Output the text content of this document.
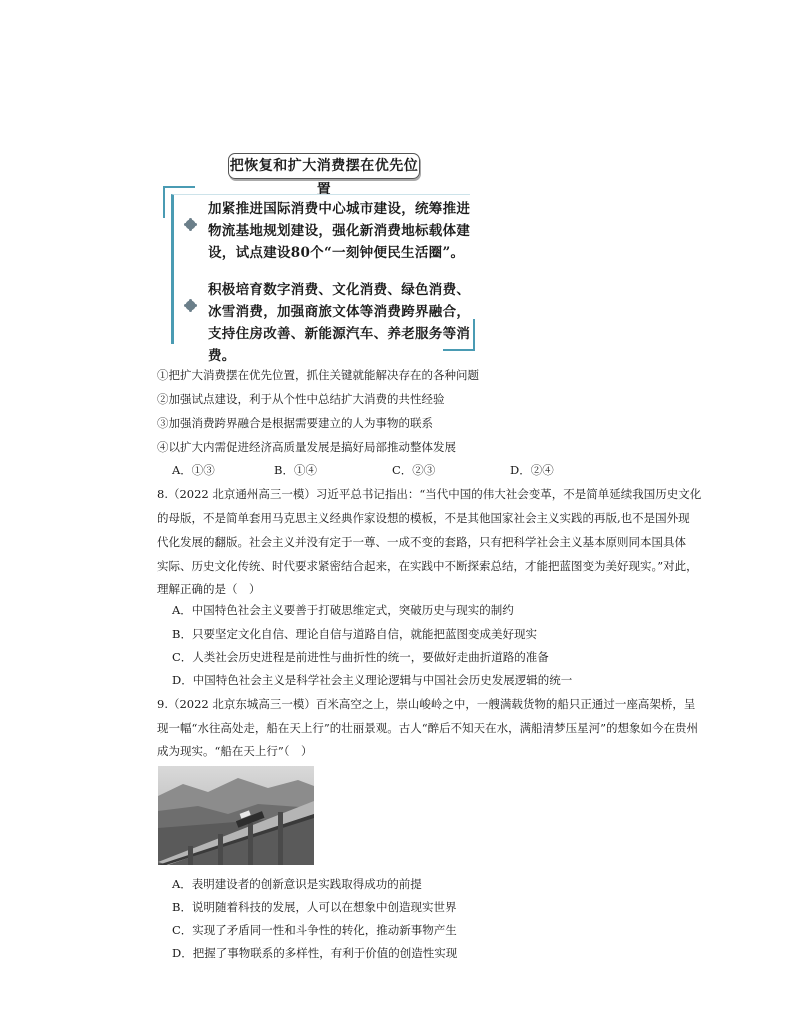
把恢复和扩大消费摆在优先位置
加紧推进国际消费中心城市建设，统筹推进物流基地规划建设，强化新消费地标载体建设，试点建设80个“一刻钟便民生活圈”。
积极培育数字消费、文化消费、绿色消费、冰雪消费，加强商旅文体等消费跨界融合，支持住房改善、新能源汽车、养老服务等消费。
①把扩大消费摆在优先位置，抓住关键就能解决存在的各种问题
②加强试点建设，利于从个性中总结扩大消费的共性经验
③加强消费跨界融合是根据需要建立的人为事物的联系
④以扩大内需促进经济高质量发展是搞好局部推动整体发展
A．①③	B．①④	C．②③	D．②④
8.（2022 北京通州高三一模）习近平总书记指出：“当代中国的伟大社会变革，不是简单延续我国历史文化
的母版，不是简单套用马克思主义经典作家设想的模板，不是其他国家社会主义实践的再版,也不是国外现
代化发展的翻版。社会主义并没有定于一尊、一成不变的套路，只有把科学社会主义基本原则同本国具体
实际、历史文化传统、时代要求紧密结合起来，在实践中不断探索总结，才能把蓝图变为美好现实。”对此，
理解正确的是（　）
A．中国特色社会主义要善于打破思维定式，突破历史与现实的制约
B．只要坚定文化自信、理论自信与道路自信，就能把蓝图变成美好现实
C．人类社会历史进程是前进性与曲折性的统一，要做好走曲折道路的准备
D．中国特色社会主义是科学社会主义理论逻辑与中国社会历史发展逻辑的统一
9.（2022 北京东城高三一模）百米高空之上，崇山峻岭之中，一艘满载货物的船只正通过一座高架桥，呈
现一幅“水往高处走，船在天上行”的壮丽景观。古人“醉后不知天在水，满船清梦压星河”的想象如今在贵州
成为现实。“船在天上行”（　）
A．表明建设者的创新意识是实践取得成功的前提
B．说明随着科技的发展，人可以在想象中创造现实世界
C．实现了矛盾同一性和斗争性的转化，推动新事物产生
D．把握了事物联系的多样性，有利于价值的创造性实现
